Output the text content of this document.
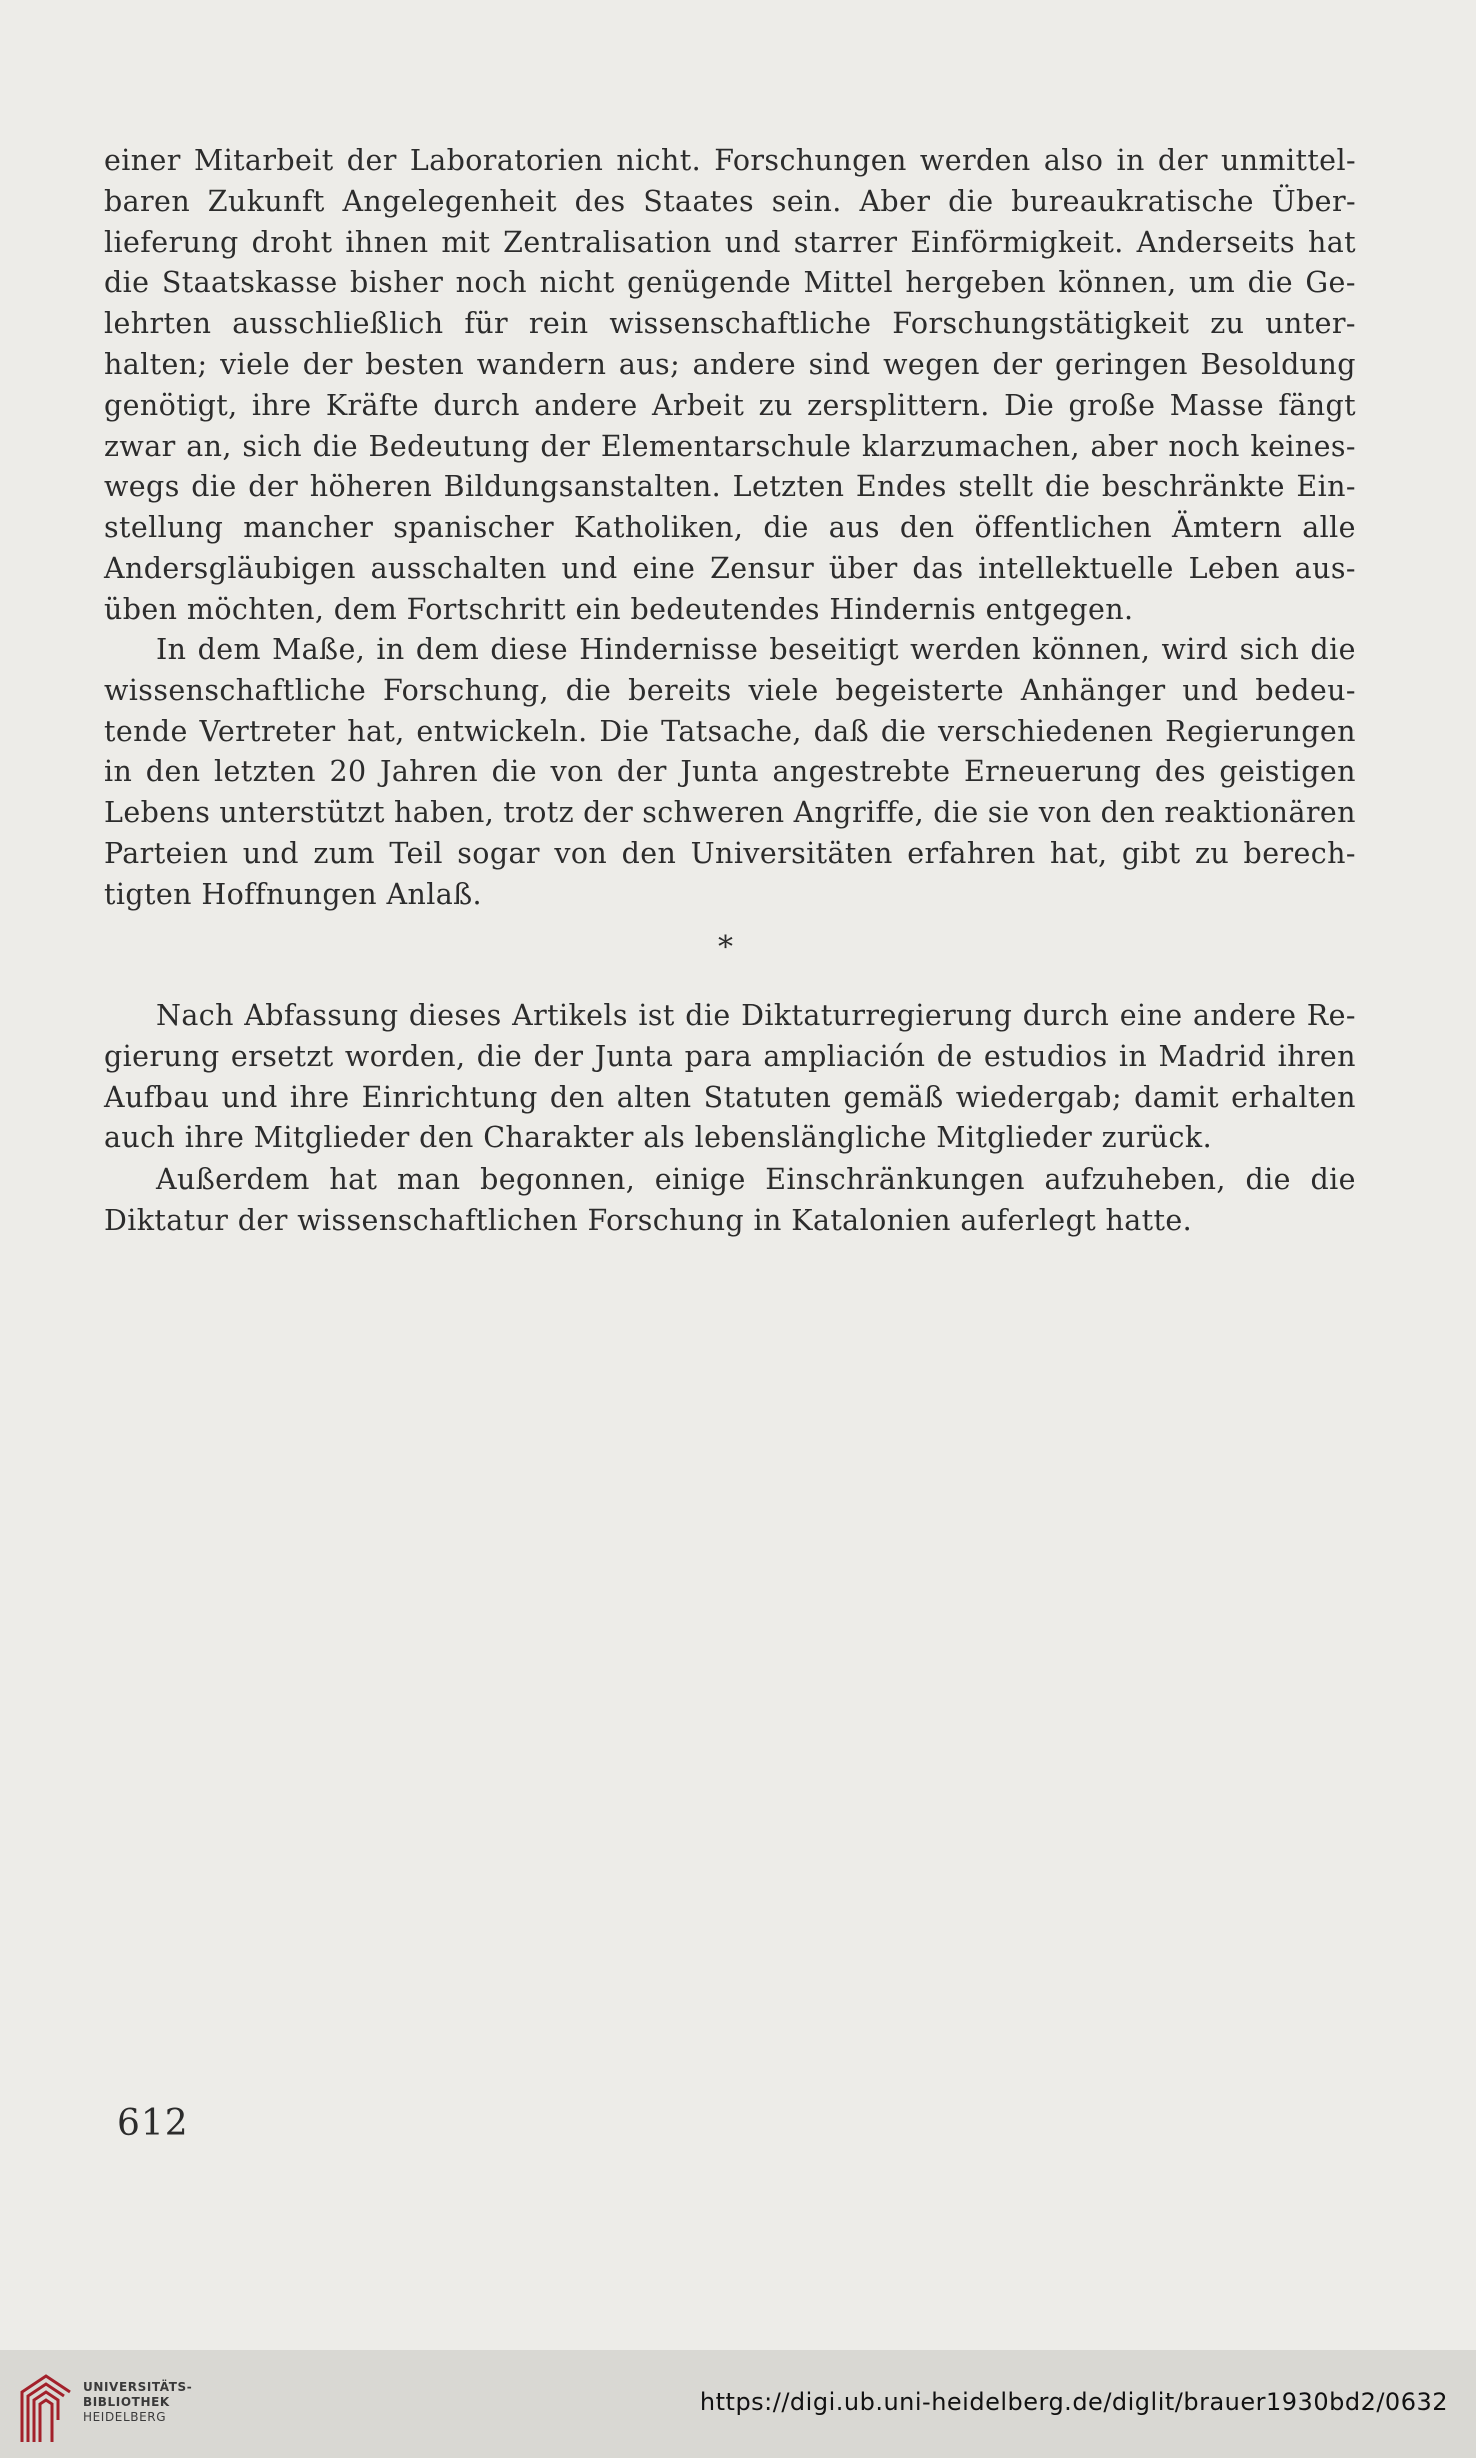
einer Mitarbeit der Laboratorien nicht. Forschungen werden also in der unmittel-
baren Zukunft Angelegenheit des Staates sein. Aber die bureaukratische Über-
lieferung droht ihnen mit Zentralisation und starrer Einförmigkeit. Anderseits hat
die Staatskasse bisher noch nicht genügende Mittel hergeben können, um die Ge-
lehrten ausschließlich für rein wissenschaftliche Forschungstätigkeit zu unter-
halten; viele der besten wandern aus; andere sind wegen der geringen Besoldung
genötigt, ihre Kräfte durch andere Arbeit zu zersplittern. Die große Masse fängt
zwar an, sich die Bedeutung der Elementarschule klarzumachen, aber noch keines-
wegs die der höheren Bildungsanstalten. Letzten Endes stellt die beschränkte Ein-
stellung mancher spanischer Katholiken, die aus den öffentlichen Ämtern alle
Andersgläubigen ausschalten und eine Zensur über das intellektuelle Leben aus-
üben möchten, dem Fortschritt ein bedeutendes Hindernis entgegen.
In dem Maße, in dem diese Hindernisse beseitigt werden können, wird sich die
wissenschaftliche Forschung, die bereits viele begeisterte Anhänger und bedeu-
tende Vertreter hat, entwickeln. Die Tatsache, daß die verschiedenen Regierungen
in den letzten 20 Jahren die von der Junta angestrebte Erneuerung des geistigen
Lebens unterstützt haben, trotz der schweren Angriffe, die sie von den reaktionären
Parteien und zum Teil sogar von den Universitäten erfahren hat, gibt zu berech-
tigten Hoffnungen Anlaß.
*
Nach Abfassung dieses Artikels ist die Diktaturregierung durch eine andere Re-
gierung ersetzt worden, die der Junta para ampliación de estudios in Madrid ihren
Aufbau und ihre Einrichtung den alten Statuten gemäß wiedergab; damit erhalten
auch ihre Mitglieder den Charakter als lebenslängliche Mitglieder zurück.
Außerdem hat man begonnen, einige Einschränkungen aufzuheben, die die
Diktatur der wissenschaftlichen Forschung in Katalonien auferlegt hatte.
612
UNIVERSITÄTS-
BIBLIOTHEK
HEIDELBERG
https://digi.ub.uni-heidelberg.de/diglit/brauer1930bd2/0632
